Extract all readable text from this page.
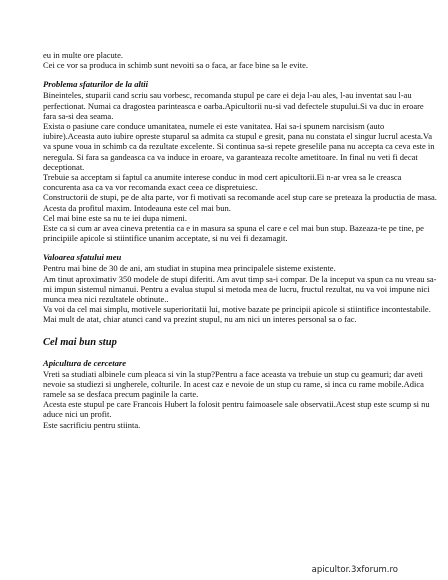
eu in multe ore placute.

Cei ce vor sa produca in schimb sunt nevoiti sa o faca, ar face bine sa le evite.

Problema sfaturilor de la altii

Binеinteles, stuparii cand scriu sau vorbesc, recomanda stupul pe care ei deja l-au ales, l-au inventat sau l-au perfectionat. Numai ca dragostea parinteasca e oarba.Apicultorii nu-si vad defectele stupului.Si va duc in eroare fara sa-si dea seama.

Exista o pasiune care conduce umanitatea, numele ei este vanitatea. Hai sa-i spunem narcisism (auto iubire).Aceasta auto iubire opreste stuparul sa admita ca stupul e gresit, pana nu constata el singur lucrul acesta.Va va spune voua in schimb ca da rezultate excelente. Si continua sa-si repete greselile pana nu accepta ca ceva este in neregula. Si fara sa gandeasca ca va induce in eroare, va garanteaza recolte ametitoare. In final nu veti fi decat deceptionat.

Trebuie sa acceptam si faptul ca anumite interese conduc in mod cert apicultorii.Ei n-ar vrea sa le creasca concurenta asa ca va vor recomanda exact ceea ce dispretuiesc.

Constructorii de stupi, pe de alta parte, vor fi motivati sa recomande acel stup care se preteaza la productia de masa. Acesta da profitul maxim. Intodeauna este cel mai bun.

Cel mai bine este sa nu te iei dupa nimeni.

Este ca si cum ar avea cineva pretentia ca e in masura sa spuna el care e cel mai bun stup. Bazeaza-te pe tine, pe principiile apicole si stiintifice unanim acceptate, si nu vei fi dezamagit.

Valoarea sfatului meu

Pentru mai bine de 30 de ani, am studiat in stupina mea principalele sisteme existente.

Am tinut aproximativ 350 modele de stupi diferiti. Am avut timp sa-i compar. De la inceput va spun ca nu vreau sa-mi impun sistemul nimanui. Pentru a evalua stupul si metoda mea de lucru, fructul rezultat, nu va voi impune nici munca mea nici rezultatele obtinute..

Va voi da cel mai simplu, motivele superioritatii lui, motive bazate pe principii apicole si stiintifice incontestabile. Mai mult de atat, chiar atunci cand va prezint stupul, nu am nici un interes personal sa o fac.

Cel mai bun stup
Apicultura de cercetare

Vreti sa studiati albinele cum pleaca si vin la stup?Pentru a face aceasta va trebuie un stup cu geamuri; dar aveti nevoie sa studiezi si ungherele, colturile. In acest caz e nevoie de un stup cu rame, si inca cu rame mobile.Adica ramele sa se desfaca precum paginile la carte.

Acesta este stupul pe care Francois Hubert la folosit pentru faimoasele sale observatii.Acest stup este scump si nu aduce nici un profit.

Este sacrificiu pentru stiinta.

apicultor.3xforum.ro
